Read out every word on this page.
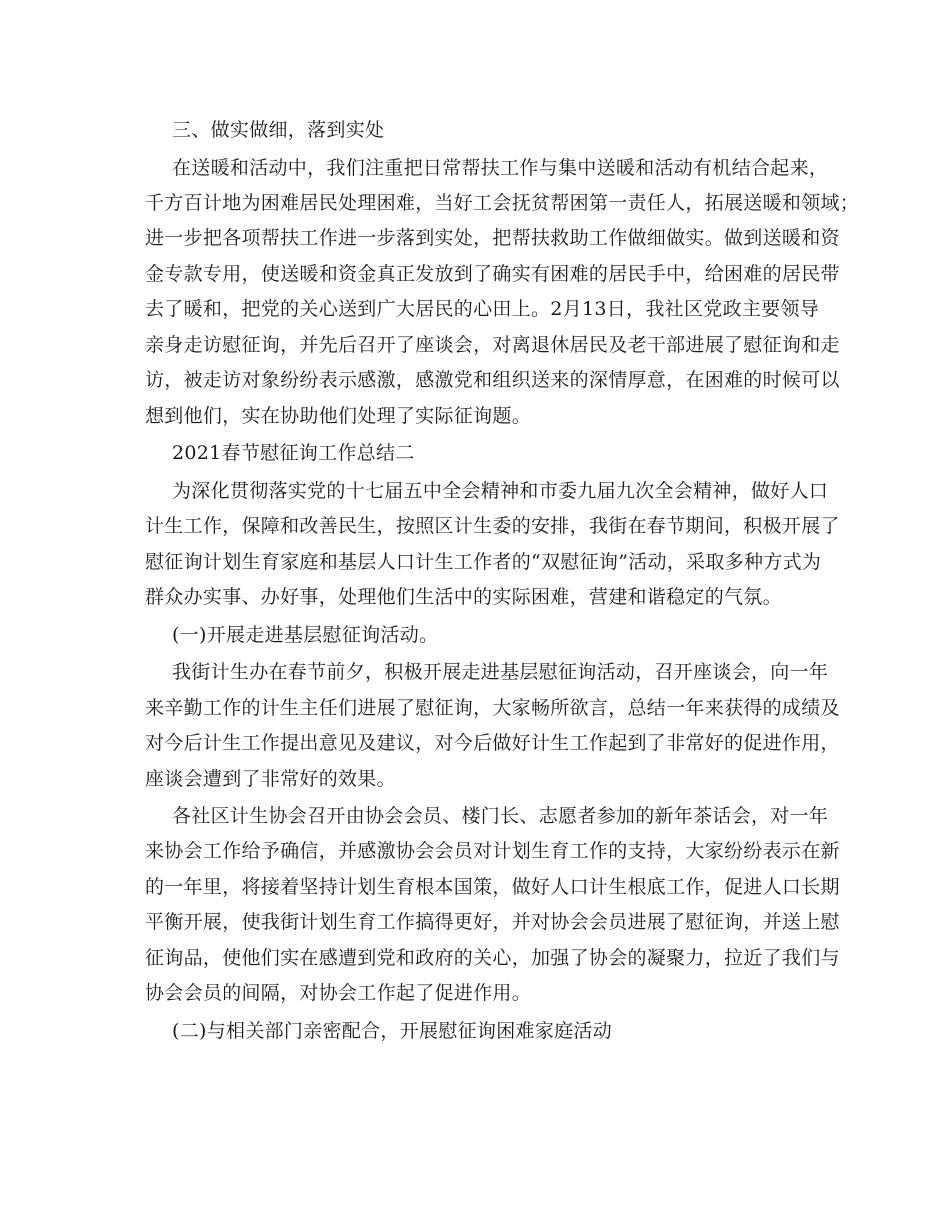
三、做实做细，落到实处
在送暖和活动中，我们注重把日常帮扶工作与集中送暖和活动有机结合起来，
千方百计地为困难居民处理困难，当好工会抚贫帮困第一责任人，拓展送暖和领域；
进一步把各项帮扶工作进一步落到实处，把帮扶救助工作做细做实。做到送暖和资
金专款专用，使送暖和资金真正发放到了确实有困难的居民手中，给困难的居民带
去了暖和，把党的关心送到广大居民的心田上。2月13日，我社区党政主要领导
亲身走访慰征询，并先后召开了座谈会，对离退休居民及老干部进展了慰征询和走
访，被走访对象纷纷表示感激，感激党和组织送来的深情厚意，在困难的时候可以
想到他们，实在协助他们处理了实际征询题。
2021春节慰征询工作总结二
为深化贯彻落实党的十七届五中全会精神和市委九届九次全会精神，做好人口
计生工作，保障和改善民生，按照区计生委的安排，我街在春节期间，积极开展了
慰征询计划生育家庭和基层人口计生工作者的“双慰征询”活动，采取多种方式为
群众办实事、办好事，处理他们生活中的实际困难，营建和谐稳定的气氛。
(一)开展走进基层慰征询活动。
我街计生办在春节前夕，积极开展走进基层慰征询活动，召开座谈会，向一年
来辛勤工作的计生主任们进展了慰征询，大家畅所欲言，总结一年来获得的成绩及
对今后计生工作提出意见及建议，对今后做好计生工作起到了非常好的促进作用，
座谈会遭到了非常好的效果。
各社区计生协会召开由协会会员、楼门长、志愿者参加的新年茶话会，对一年
来协会工作给予确信，并感激协会会员对计划生育工作的支持，大家纷纷表示在新
的一年里，将接着坚持计划生育根本国策，做好人口计生根底工作，促进人口长期
平衡开展，使我街计划生育工作搞得更好，并对协会会员进展了慰征询，并送上慰
征询品，使他们实在感遭到党和政府的关心，加强了协会的凝聚力，拉近了我们与
协会会员的间隔，对协会工作起了促进作用。
(二)与相关部门亲密配合，开展慰征询困难家庭活动
